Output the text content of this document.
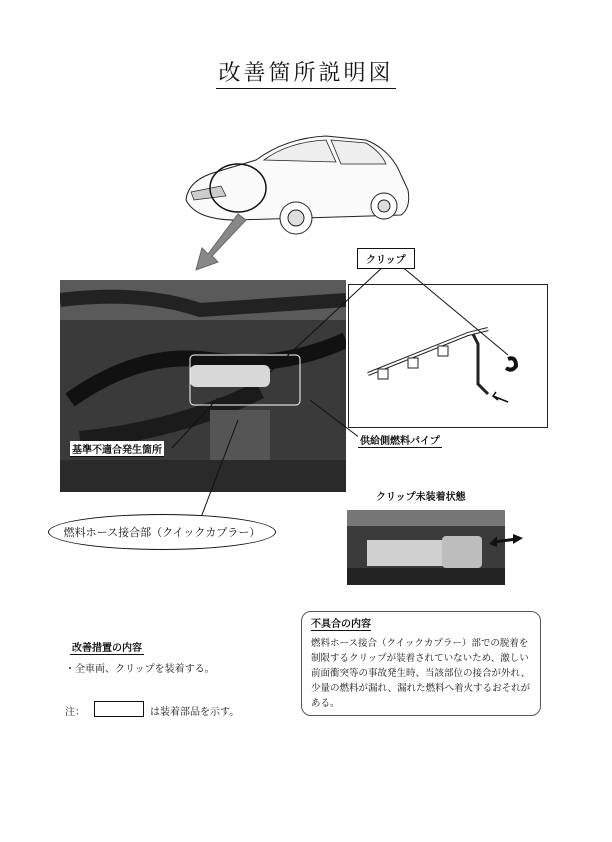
改善箇所説明図
クリップ
基準不適合発生箇所
供給側燃料パイプ
クリップ未装着状態
燃料ホース接合部（クイックカプラー）
改善措置の内容
・全車両、クリップを装着する。
注：	は装着部品を示す。
不具合の内容
燃料ホース接合（クイックカプラー）部での脱着を制限するクリップが装着されていないため、激しい前面衝突等の事故発生時、当該部位の接合が外れ、少量の燃料が漏れ、漏れた燃料へ着火するおそれがある。
